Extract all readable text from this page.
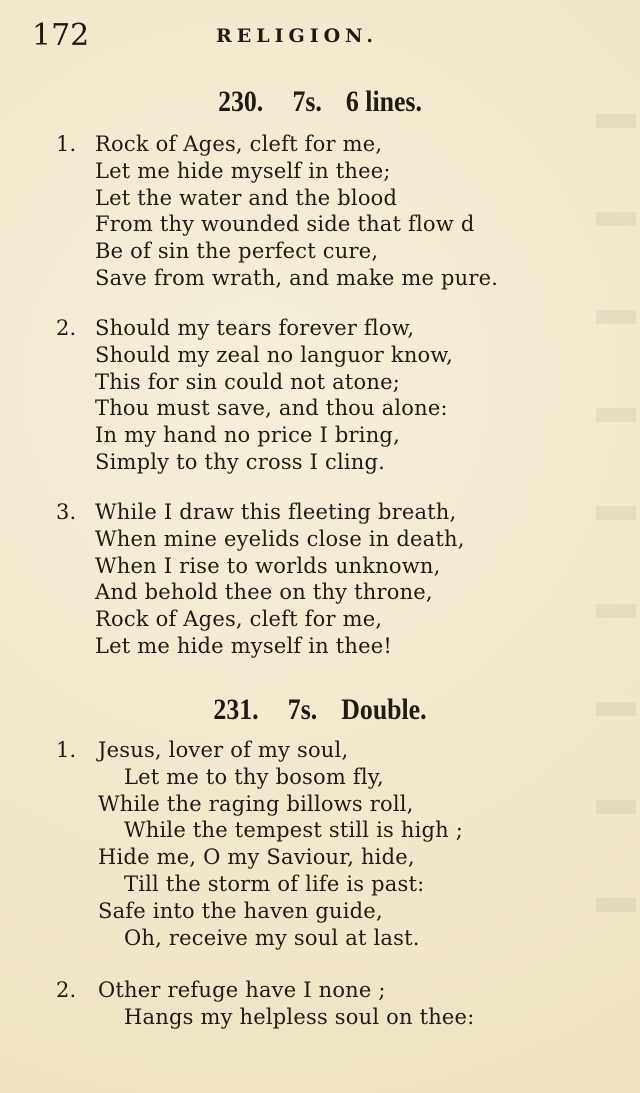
172	RELIGION.
230. 7s. 6 lines.
1. Rock of Ages, cleft for me,
Let me hide myself in thee;
Let the water and the blood
From thy wounded side that flow d
Be of sin the perfect cure,
Save from wrath, and make me pure.
2. Should my tears forever flow,
Should my zeal no languor know,
This for sin could not atone;
Thou must save, and thou alone:
In my hand no price I bring,
Simply to thy cross I cling.
3. While I draw this fleeting breath,
When mine eyelids close in death,
When I rise to worlds unknown,
And behold thee on thy throne,
Rock of Ages, cleft for me,
Let me hide myself in thee!
231. 7s. Double.
1.	Jesus, lover of my soul,
Let me to thy bosom fly,
While the raging billows roll,
While the tempest still is high ;
Hide me, O my Saviour, hide,
Till the storm of life is past:
Safe into the haven guide,
Oh, receive my soul at last.
2.	Other refuge have I none ;
Hangs my helpless soul on thee:
